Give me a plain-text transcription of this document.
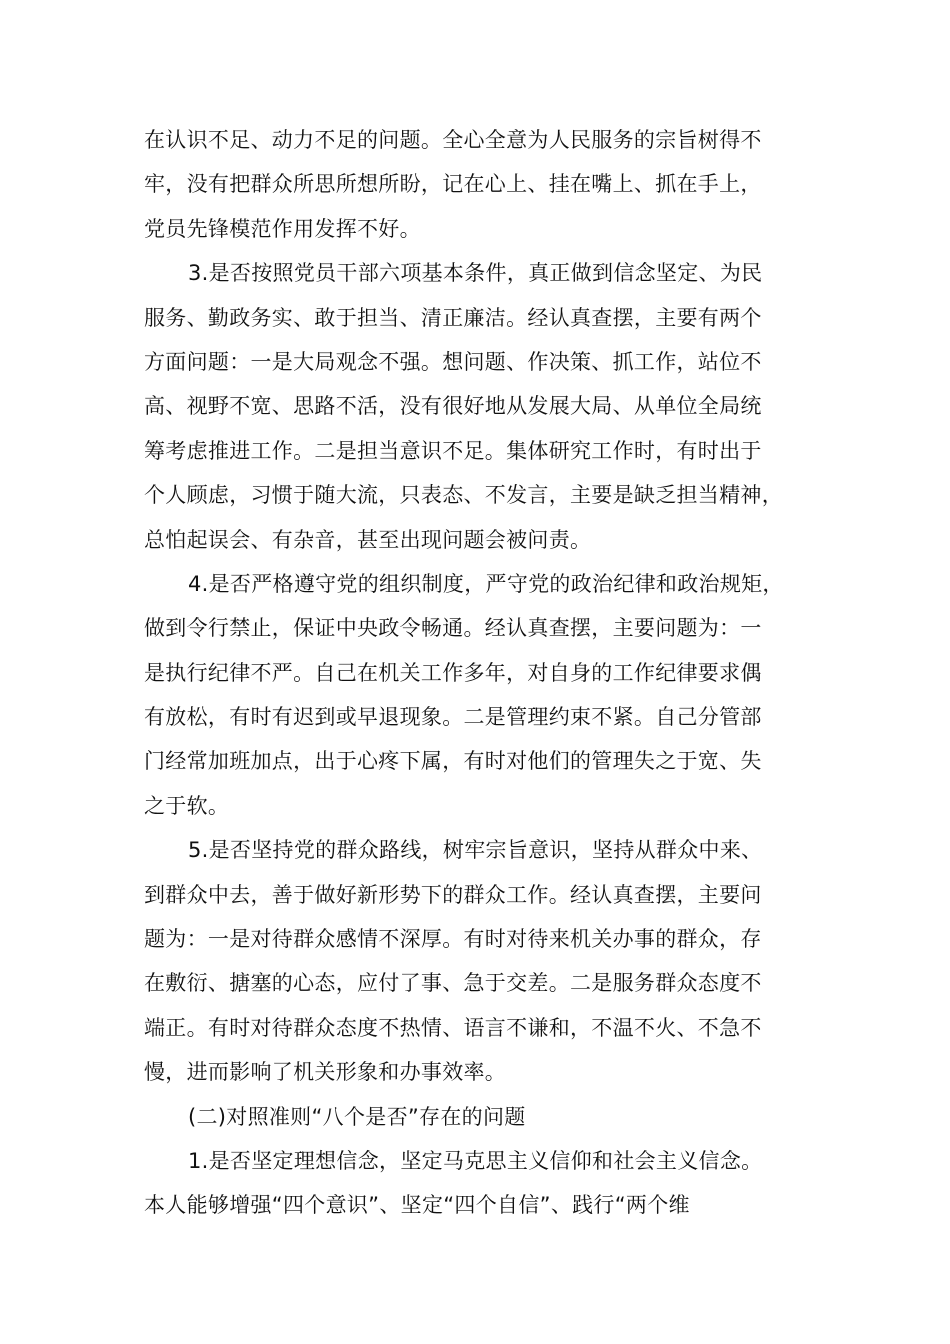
在认识不足、动力不足的问题。全心全意为人民服务的宗旨树得不
牢，没有把群众所思所想所盼，记在心上、挂在嘴上、抓在手上，
党员先锋模范作用发挥不好。
3.是否按照党员干部六项基本条件，真正做到信念坚定、为民
服务、勤政务实、敢于担当、清正廉洁。经认真查摆，主要有两个
方面问题：一是大局观念不强。想问题、作决策、抓工作，站位不
高、视野不宽、思路不活，没有很好地从发展大局、从单位全局统
筹考虑推进工作。二是担当意识不足。集体研究工作时，有时出于
个人顾虑，习惯于随大流，只表态、不发言，主要是缺乏担当精神，
总怕起误会、有杂音，甚至出现问题会被问责。
4.是否严格遵守党的组织制度，严守党的政治纪律和政治规矩，
做到令行禁止，保证中央政令畅通。经认真查摆，主要问题为：一
是执行纪律不严。自己在机关工作多年，对自身的工作纪律要求偶
有放松，有时有迟到或早退现象。二是管理约束不紧。自己分管部
门经常加班加点，出于心疼下属，有时对他们的管理失之于宽、失
之于软。
5.是否坚持党的群众路线，树牢宗旨意识，坚持从群众中来、
到群众中去，善于做好新形势下的群众工作。经认真查摆，主要问
题为：一是对待群众感情不深厚。有时对待来机关办事的群众，存
在敷衍、搪塞的心态，应付了事、急于交差。二是服务群众态度不
端正。有时对待群众态度不热情、语言不谦和，不温不火、不急不
慢，进而影响了机关形象和办事效率。
(二)对照准则“八个是否”存在的问题
1.是否坚定理想信念，坚定马克思主义信仰和社会主义信念。
本人能够增强“四个意识”、坚定“四个自信”、践行“两个维
